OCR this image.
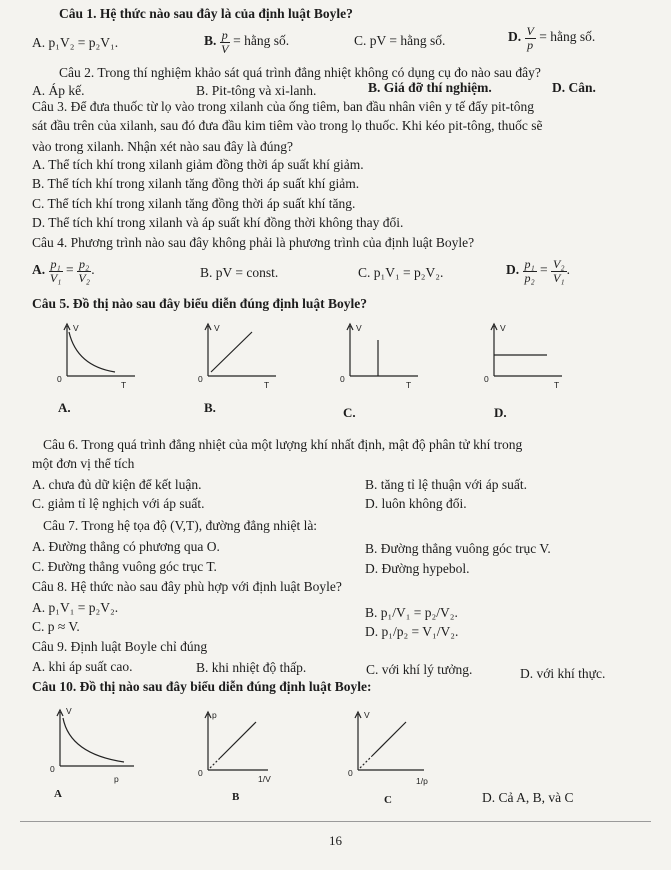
Câu 1. Hệ thức nào sau đây là của định luật Boyle?
A. p₁V₂ = p₂V₁.	B. $\frac{p}{V}$ = hằng số.	C. pV = hằng số.	D. $\frac{V}{p}$ = hằng số.
Câu 2. Trong thí nghiệm khảo sát quá trình đẳng nhiệt không có dụng cụ đo nào sau đây?
A. Áp kế.	B. Pit-tông và xi-lanh.	B. Giá đỡ thí nghiệm.	D. Cân.
Câu 3. Để đưa thuốc từ lọ vào trong xilanh của ống tiêm, ban đầu nhân viên y tế đẩy pit-tông
sát đầu trên của xilanh, sau đó đưa đầu kim tiêm vào trong lọ thuốc. Khi kéo pit-tông, thuốc sẽ
vào trong xilanh. Nhận xét nào sau đây là đúng?
A. Thể tích khí trong xilanh giảm đồng thời áp suất khí giảm.
B. Thể tích khí trong xilanh tăng đồng thời áp suất khí giảm.
C. Thể tích khí trong xilanh tăng đồng thời áp suất khí tăng.
D. Thể tích khí trong xilanh và áp suất khí đồng thời không thay đổi.
Câu 4. Phương trình nào sau đây không phải là phương trình của định luật Boyle?
A. $\frac{\text{p₁}}{\text{V₁}} = \frac{\text{p₂}}{\text{V₂}}$ .	B. pV = const.	C. p₁V₁ = p₂V₂.	D. $\frac{\text{p₁}}{\text{p₂}} = \frac{\text{V₂}}{\text{V₁}}$ .
Câu 5. Đồ thị nào sau đây biểu diễn đúng định luật Boyle?
V
0
T
V
0
T
V
0
T
V
0
T
A.	B.	C.	D.
Câu 6. Trong quá trình đẳng nhiệt của một lượng khí nhất định, mật độ phân tử khí trong
một đơn vị thể tích
A. chưa đủ dữ kiện để kết luận.	B. tăng tỉ lệ thuận với áp suất.
C. giảm tỉ lệ nghịch với áp suất.	D. luôn không đổi.
Câu 7. Trong hệ tọa độ (V,T), đường đẳng nhiệt là:
A. Đường thẳng có phương qua O.	B. Đường thẳng vuông góc trục V.
C. Đường thẳng vuông góc trục T.	D. Đường hypebol.
Câu 8. Hệ thức nào sau đây phù hợp với định luật Boyle?
A. p₁V₁ = p₂V₂.	B. p₁/V₁ = p₂/V₂.
C. p ≈ V.	D. p₁/p₂ = V₁/V₂.
Câu 9. Định luật Boyle chỉ đúng
A. khi áp suất cao.	B. khi nhiệt độ thấp.	C. với khí lý tưởng.	D. với khí thực.
Câu 10. Đồ thị nào sau đây biểu diễn đúng định luật Boyle:
V
0
p
p
0
1/V
V
0
1/p
A	B	C	D. Cả A, B, và C
16
